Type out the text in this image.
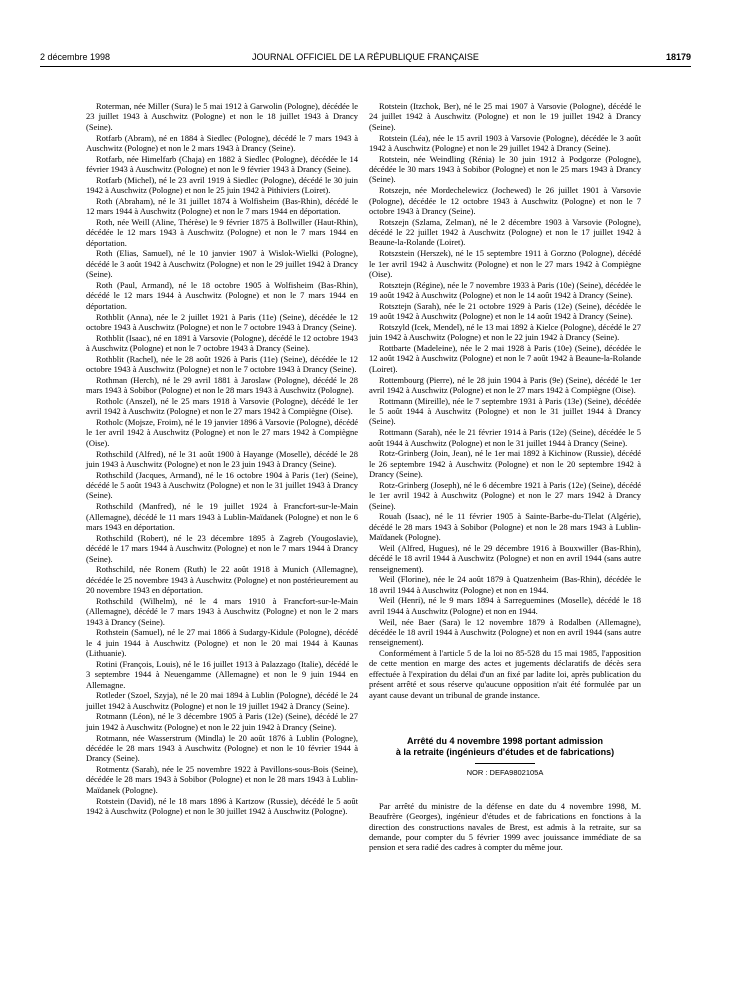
2 décembre 1998	JOURNAL OFFICIEL DE LA RÉPUBLIQUE FRANÇAISE	18179

Roterman, née Miller (Sura) le 5 mai 1912 à Garwolin (Pologne), décédée le 23 juillet 1943 à Auschwitz (Pologne) et non le 18 juillet 1943 à Drancy (Seine).

Rotfarb (Abram), né en 1884 à Siedlec (Pologne), décédé le 7 mars 1943 à Auschwitz (Pologne) et non le 2 mars 1943 à Drancy (Seine).

Rotfarb, née Himelfarb (Chaja) en 1882 à Siedlec (Pologne), décédée le 14 février 1943 à Auschwitz (Pologne) et non le 9 février 1943 à Drancy (Seine).

Rotfarb (Michel), né le 23 avril 1919 à Siedlec (Pologne), décédé le 30 juin 1942 à Auschwitz (Pologne) et non le 25 juin 1942 à Pithiviers (Loiret).

Roth (Abraham), né le 31 juillet 1874 à Wolfisheim (Bas-Rhin), décédé le 12 mars 1944 à Auschwitz (Pologne) et non le 7 mars 1944 en déportation.

Roth, née Weill (Aline, Thérèse) le 9 février 1875 à Bollwiller (Haut-Rhin), décédée le 12 mars 1943 à Auschwitz (Pologne) et non le 7 mars 1944 en déportation.

Roth (Elias, Samuel), né le 10 janvier 1907 à Wislok-Wielki (Pologne), décédé le 3 août 1942 à Auschwitz (Pologne) et non le 29 juillet 1942 à Drancy (Seine).

Roth (Paul, Armand), né le 18 octobre 1905 à Wolfisheim (Bas-Rhin), décédé le 12 mars 1944 à Auschwitz (Pologne) et non le 7 mars 1944 en déportation.

Rothblit (Anna), née le 2 juillet 1921 à Paris (11e) (Seine), décédée le 12 octobre 1943 à Auschwitz (Pologne) et non le 7 octobre 1943 à Drancy (Seine).

Rothblit (Isaac), né en 1891 à Varsovie (Pologne), décédé le 12 octobre 1943 à Auschwitz (Pologne) et non le 7 octobre 1943 à Drancy (Seine).

Rothblit (Rachel), née le 28 août 1926 à Paris (11e) (Seine), décédée le 12 octobre 1943 à Auschwitz (Pologne) et non le 7 octobre 1943 à Drancy (Seine).

Rothman (Herch), né le 29 avril 1881 à Jaroslaw (Pologne), décédé le 28 mars 1943 à Sobibor (Pologne) et non le 28 mars 1943 à Auschwitz (Pologne).

Rotholc (Anszel), né le 25 mars 1918 à Varsovie (Pologne), décédé le 1er avril 1942 à Auschwitz (Pologne) et non le 27 mars 1942 à Compiègne (Oise).

Rotholc (Mojsze, Froim), né le 19 janvier 1896 à Varsovie (Pologne), décédé le 1er avril 1942 à Auschwitz (Pologne) et non le 27 mars 1942 à Compiègne (Oise).

Rothschild (Alfred), né le 31 août 1900 à Hayange (Moselle), décédé le 28 juin 1943 à Auschwitz (Pologne) et non le 23 juin 1943 à Drancy (Seine).

Rothschild (Jacques, Armand), né le 16 octobre 1904 à Paris (1er) (Seine), décédé le 5 août 1943 à Auschwitz (Pologne) et non le 31 juillet 1943 à Drancy (Seine).

Rothschild (Manfred), né le 19 juillet 1924 à Francfort-sur-le-Main (Allemagne), décédé le 11 mars 1943 à Lublin-Maïdanek (Pologne) et non le 6 mars 1943 en déportation.

Rothschild (Robert), né le 23 décembre 1895 à Zagreb (Yougoslavie), décédé le 17 mars 1944 à Auschwitz (Pologne) et non le 7 mars 1944 à Drancy (Seine).

Rothschild, née Ronem (Ruth) le 22 août 1918 à Munich (Allemagne), décédée le 25 novembre 1943 à Auschwitz (Pologne) et non postérieurement au 20 novembre 1943 en déportation.

Rothschild (Wilhelm), né le 4 mars 1910 à Francfort-sur-le-Main (Allemagne), décédé le 7 mars 1943 à Auschwitz (Pologne) et non le 2 mars 1943 à Drancy (Seine).

Rothstein (Samuel), né le 27 mai 1866 à Sudargy-Kidule (Pologne), décédé le 4 juin 1944 à Auschwitz (Pologne) et non le 20 mai 1944 à Kaunas (Lithuanie).

Rotini (François, Louis), né le 16 juillet 1913 à Palazzago (Italie), décédé le 3 septembre 1944 à Neuengamme (Allemagne) et non le 9 juin 1944 en Allemagne.

Rotleder (Szoel, Szyja), né le 20 mai 1894 à Lublin (Pologne), décédé le 24 juillet 1942 à Auschwitz (Pologne) et non le 19 juillet 1942 à Drancy (Seine).

Rotmann (Léon), né le 3 décembre 1905 à Paris (12e) (Seine), décédé le 27 juin 1942 à Auschwitz (Pologne) et non le 22 juin 1942 à Drancy (Seine).

Rotmann, née Wasserstrum (Mindla) le 20 août 1876 à Lublin (Pologne), décédée le 28 mars 1943 à Auschwitz (Pologne) et non le 10 février 1944 à Drancy (Seine).

Rotmentz (Sarah), née le 25 novembre 1922 à Pavillons-sous-Bois (Seine), décédée le 28 mars 1943 à Sobibor (Pologne) et non le 28 mars 1943 à Lublin-Maïdanek (Pologne).

Rotstein (David), né le 18 mars 1896 à Kartzow (Russie), décédé le 5 août 1942 à Auschwitz (Pologne) et non le 30 juillet 1942 à Auschwitz (Pologne).

Rotstein (Itzchok, Ber), né le 25 mai 1907 à Varsovie (Pologne), décédé le 24 juillet 1942 à Auschwitz (Pologne) et non le 19 juillet 1942 à Drancy (Seine).

Rotstein (Léa), née le 15 avril 1903 à Varsovie (Pologne), décédée le 3 août 1942 à Auschwitz (Pologne) et non le 29 juillet 1942 à Drancy (Seine).

Rotstein, née Weindling (Rénia) le 30 juin 1912 à Podgorze (Pologne), décédée le 30 mars 1943 à Sobibor (Pologne) et non le 25 mars 1943 à Drancy (Seine).

Rotszejn, née Mordechelewicz (Jochewed) le 26 juillet 1901 à Varsovie (Pologne), décédée le 12 octobre 1943 à Auschwitz (Pologne) et non le 7 octobre 1943 à Drancy (Seine).

Rotszejn (Szlama, Zelman), né le 2 décembre 1903 à Varsovie (Pologne), décédé le 22 juillet 1942 à Auschwitz (Pologne) et non le 17 juillet 1942 à Beaune-la-Rolande (Loiret).

Rotszstein (Herszek), né le 15 septembre 1911 à Gorzno (Pologne), décédé le 1er avril 1942 à Auschwitz (Pologne) et non le 27 mars 1942 à Compiègne (Oise).

Rotsztejn (Régine), née le 7 novembre 1933 à Paris (10e) (Seine), décédée le 19 août 1942 à Auschwitz (Pologne) et non le 14 août 1942 à Drancy (Seine).

Rotsztejn (Sarah), née le 21 octobre 1929 à Paris (12e) (Seine), décédée le 19 août 1942 à Auschwitz (Pologne) et non le 14 août 1942 à Drancy (Seine).

Rotszyld (Icek, Mendel), né le 13 mai 1892 à Kielce (Pologne), décédé le 27 juin 1942 à Auschwitz (Pologne) et non le 22 juin 1942 à Drancy (Seine).

Rottbarte (Madeleine), née le 2 mai 1928 à Paris (10e) (Seine), décédée le 12 août 1942 à Auschwitz (Pologne) et non le 7 août 1942 à Beaune-la-Rolande (Loiret).

Rottembourg (Pierre), né le 28 juin 1904 à Paris (9e) (Seine), décédé le 1er avril 1942 à Auschwitz (Pologne) et non le 27 mars 1942 à Compiègne (Oise).

Rottmann (Mireille), née le 7 septembre 1931 à Paris (13e) (Seine), décédée le 5 août 1944 à Auschwitz (Pologne) et non le 31 juillet 1944 à Drancy (Seine).

Rottmann (Sarah), née le 21 février 1914 à Paris (12e) (Seine), décédée le 5 août 1944 à Auschwitz (Pologne) et non le 31 juillet 1944 à Drancy (Seine).

Rotz-Grinberg (Join, Jean), né le 1er mai 1892 à Kichinow (Russie), décédé le 26 septembre 1942 à Auschwitz (Pologne) et non le 20 septembre 1942 à Drancy (Seine).

Rotz-Grinberg (Joseph), né le 6 décembre 1921 à Paris (12e) (Seine), décédé le 1er avril 1942 à Auschwitz (Pologne) et non le 27 mars 1942 à Drancy (Seine).

Rouah (Isaac), né le 11 février 1905 à Sainte-Barbe-du-Tlelat (Algérie), décédé le 28 mars 1943 à Sobibor (Pologne) et non le 28 mars 1943 à Lublin-Maïdanek (Pologne).

Weil (Alfred, Hugues), né le 29 décembre 1916 à Bouxwiller (Bas-Rhin), décédé le 18 avril 1944 à Auschwitz (Pologne) et non en avril 1944 (sans autre renseignement).

Weil (Florine), née le 24 août 1879 à Quatzenheim (Bas-Rhin), décédée le 18 avril 1944 à Auschwitz (Pologne) et non en 1944.

Weil (Henri), né le 9 mars 1894 à Sarreguemines (Moselle), décédé le 18 avril 1944 à Auschwitz (Pologne) et non en 1944.

Weil, née Baer (Sara) le 12 novembre 1879 à Rodalben (Allemagne), décédée le 18 avril 1944 à Auschwitz (Pologne) et non en avril 1944 (sans autre renseignement).

Conformément à l'article 5 de la loi no 85-528 du 15 mai 1985, l'apposition de cette mention en marge des actes et jugements déclaratifs de décès sera effectuée à l'expiration du délai d'un an fixé par ladite loi, après publication du présent arrêté et sous réserve qu'aucune opposition n'ait été formulée par un ayant cause devant un tribunal de grande instance.

Arrêté du 4 novembre 1998 portant admission

à la retraite (ingénieurs d'études et de fabrications)

NOR : DEFA9802105A

Par arrêté du ministre de la défense en date du 4 novembre 1998, M. Beaufrère (Georges), ingénieur d'études et de fabrications en fonctions à la direction des constructions navales de Brest, est admis à la retraite, sur sa demande, pour compter du 5 février 1999 avec jouissance immédiate de sa pension et sera radié des cadres à compter du même jour.
